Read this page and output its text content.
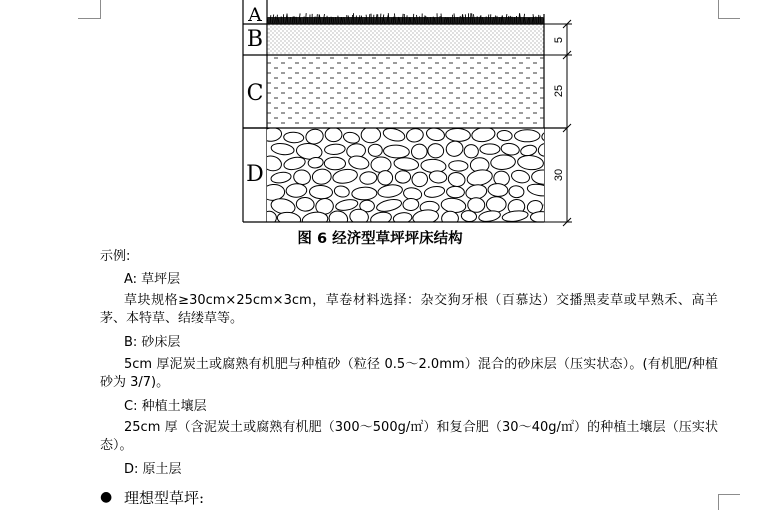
5
25
30
A
B
C
D
图 6 经济型草坪坪床结构
示例:
A: 草坪层
草块规格≥30cm×25cm×3cm，草卷材料选择：杂交狗牙根（百慕达）交播黑麦草或早熟禾、高羊茅、本特草、结缕草等。
B: 砂床层
5cm 厚泥炭土或腐熟有机肥与种植砂（粒径 0.5～2.0mm）混合的砂床层（压实状态）。(有机肥/种植砂为 3/7)。
C: 种植土壤层
25cm 厚（含泥炭土或腐熟有机肥（300～500g/㎡）和复合肥（30～40g/㎡）的种植土壤层（压实状态）。
D: 原土层
● 理想型草坪:
